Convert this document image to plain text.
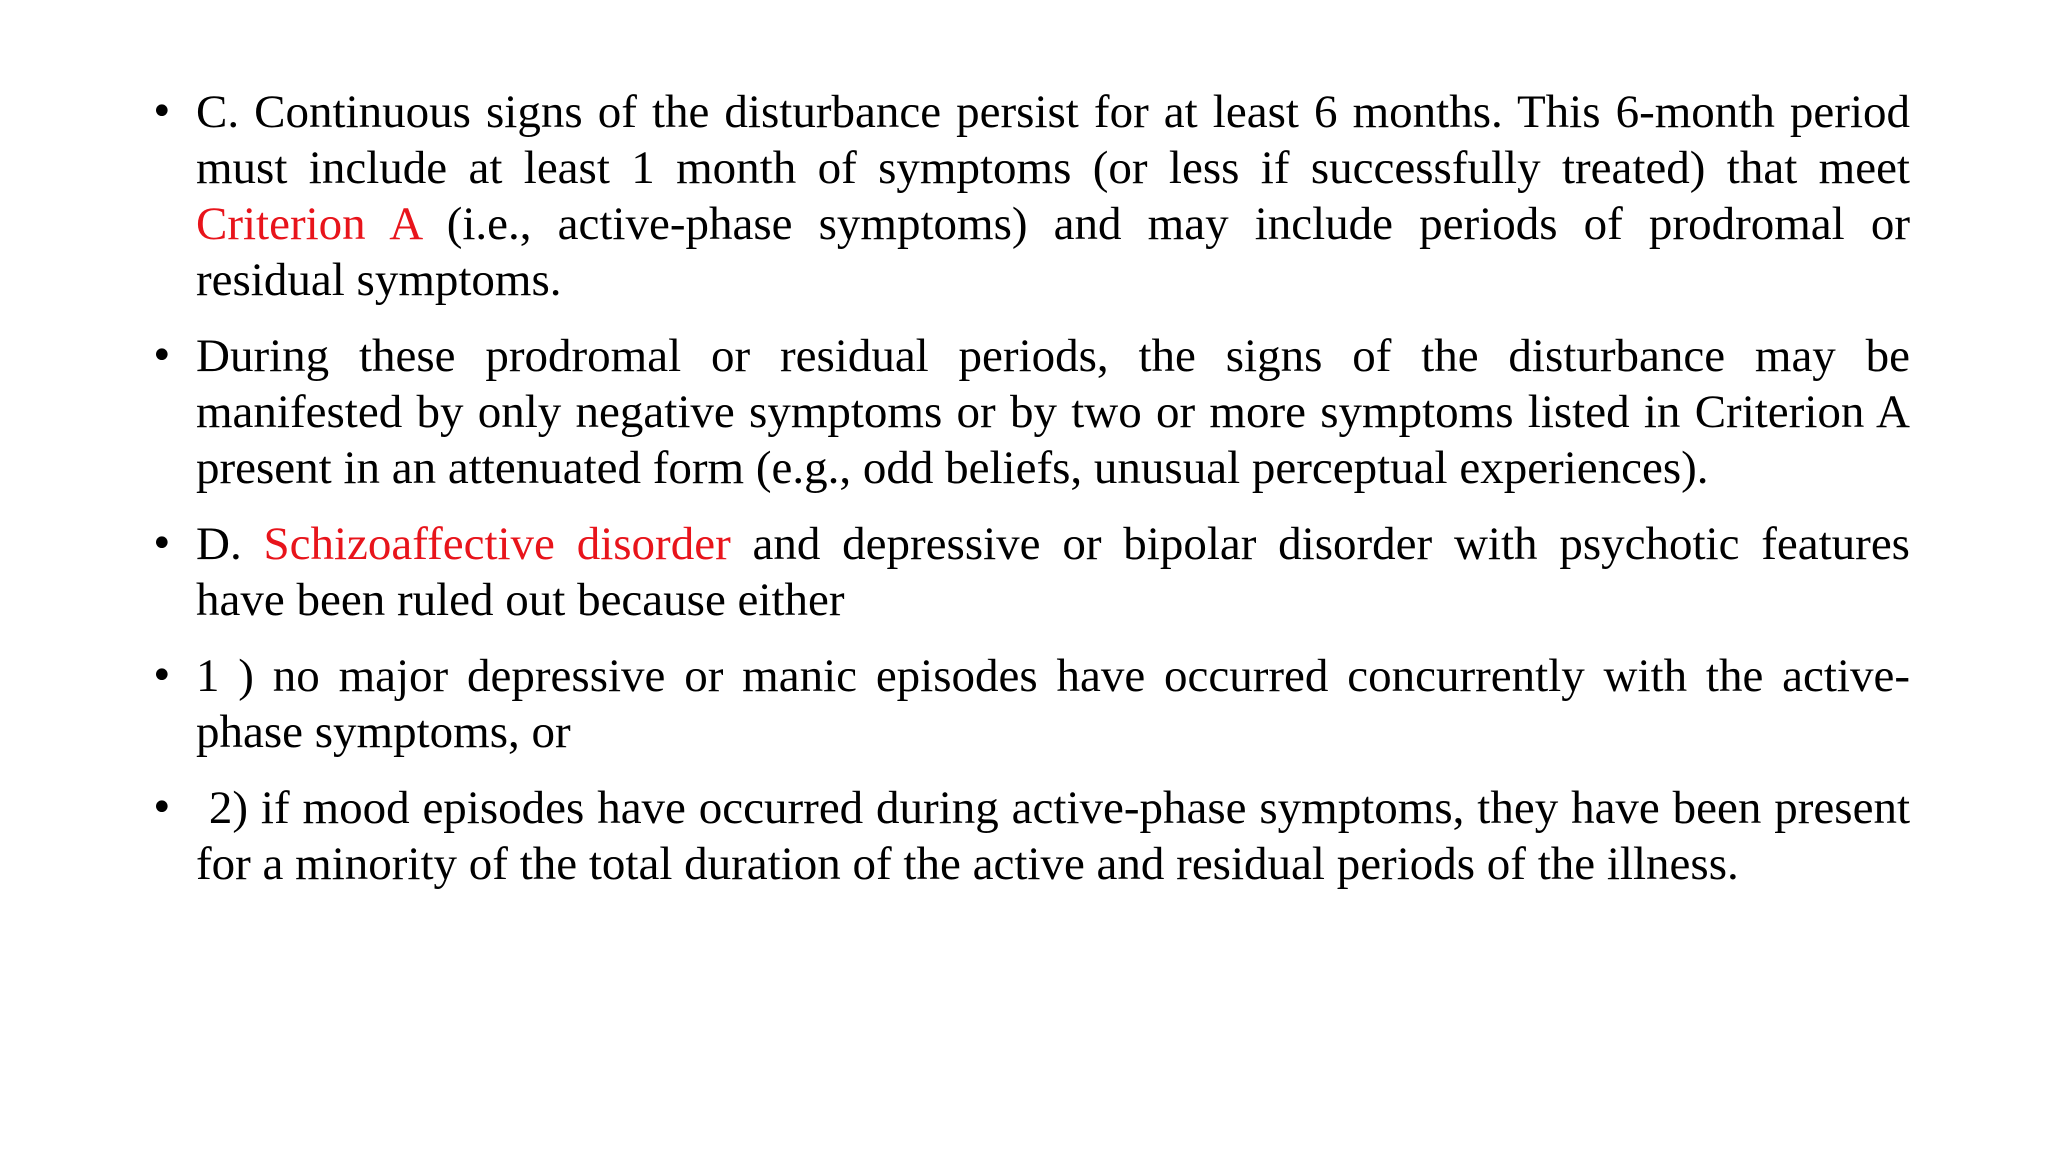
• C. Continuous signs of the disturbance persist for at least 6 months. This 6-month period must include at least 1 month of symptoms (or less if successfully treated) that meet Criterion A (i.e., active-phase symptoms) and may include periods of prodromal or residual symptoms.
• During these prodromal or residual periods, the signs of the disturbance may be manifested by only negative symptoms or by two or more symptoms listed in Criterion A present in an attenuated form (e.g., odd beliefs, unusual perceptual experiences).
• D. Schizoaffective disorder and depressive or bipolar disorder with psychotic features have been ruled out because either
• 1 ) no major depressive or manic episodes have occurred concurrently with the active-phase symptoms, or
• 2) if mood episodes have occurred during active-phase symptoms, they have been present for a minority of the total duration of the active and residual periods of the illness.
